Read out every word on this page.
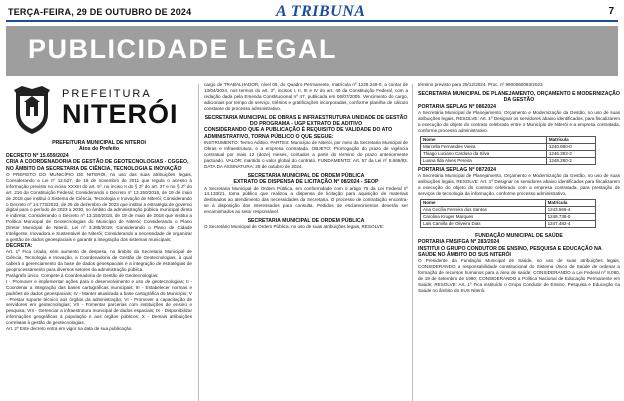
TERÇA-FEIRA, 29 DE OUTUBRO DE 2024	A TRIBUNA	7
PUBLICIDADE LEGAL
PREFEITURA
NITERÓI
PREFEITURA MUNICIPAL DE NITERÓI
Atos do Prefeito
DECRETO Nº 15.659/2024
CRIA A COORDENADORIA DE GESTÃO DE GEOTECNOLOGIAS - CGGEO, NO ÂMBITO DA SECRETARIA DE CIÊNCIA, TECNOLOGIA E INOVAÇÃO
O PREFEITO DO MUNICÍPIO DE NITERÓI, no uso das suas atribuições legais, Considerando a Lei nº 12.527, de 18 de novembro de 2011 que regula o acesso à informação previsto no inciso XXXIII do art. 5º, no inciso II do § 3º do art. 37 e no § 2º do art. 216 da Constituição Federal; Considerando o Decreto nº 13.150/2018, de 19 de maio de 2018 que institui o Sistema de Ciência, Tecnologia e Inovação de Niterói; Considerando o Decreto nº 14.773/2023, de 25 de dezembro de 2023 que institui a estratégia de governo digital para o período de 2023 a 2030, no âmbito da administração pública municipal direta e indireta; Considerando o Decreto nº 13.150/2018, de 19 de maio de 2018 que institui a Política Municipal de Geotecnologias do Município de Niterói; Considerando o Plano Diretor Municipal de Niterói, Lei nº 3.385/2019; Considerando o Plano de Cidade Inteligente, Inovadora e Sustentável de Niterói; Considerando a necessidade de organizar a gestão de dados geoespaciais e garantir a integração dos sistemas municipais;
DECRETA:
Art. 1º Fica criada, sem aumento de despesa, no âmbito da Secretaria Municipal de Ciência, Tecnologia e Inovação, a Coordenadoria de Gestão de Geotecnologias, à qual caberá o gerenciamento da base de dados geoespaciais e a integração de estratégias de geoprocessamento para diversos setores da administração pública.
Parágrafo único. Compete à Coordenadoria de Gestão de Geotecnologias:
I - Promover e implementar ações para o desenvolvimento e uso de geotecnologias; II - Coordenar a integração das bases cartográficas municipais; III - Estabelecer normas e padrões de dados geoespaciais; IV - Manter atualizada a base cartográfica do Município; V - Prestar suporte técnico aos órgãos da administração; VI - Promover a capacitação de servidores em geotecnologias; VII - Fomentar parcerias com instituições de ensino e pesquisa; VIII - Gerenciar a infraestrutura municipal de dados espaciais; IX - Disponibilizar informações geográficas à população e aos órgãos públicos; X - Demais atribuições correlatas à gestão de geotecnologias.
Art. 2º Este decreto entra em vigor na data de sua publicação.
cargo de TRABALHADOR, nível 05, do Quadro Permanente, matrícula nº 1228.249-0, a contar de 13/04/2024, nos termos do art. 3º, incisos I, II, III e IV do art. 40 da Constituição Federal, com a redação dada pela Emenda Constitucional nº 47, publicada em 06/07/2005. Vencimento do cargo, adicionais por tempo de serviço, triênios e gratificações incorporadas, conforme planilha de cálculo constante do processo administrativo.
SECRETARIA MUNICIPAL DE OBRAS E INFRAESTRUTURA UNIDADE DE GESTÃO DO PROGRAMA - UGP EXTRATO DE ADITIVO
CONSIDERANDO QUE A PUBLICAÇÃO É REQUISITO DE VALIDADE DO ATO ADMINISTRATIVO, TORNA PÚBLICO O QUE SEGUE:
INSTRUMENTO: Termo Aditivo. PARTES: Município de Niterói, por meio da Secretaria Municipal de Obras e Infraestrutura, e a empresa contratada. OBJETO: Prorrogação do prazo de vigência contratual por mais 12 (doze) meses, contados a partir do término do prazo anteriormente pactuado. VALOR: mantido o valor global do contrato. FUNDAMENTO: Art. 57 da Lei nº 8.666/93. DATA DA ASSINATURA: 28 de outubro de 2024.
SECRETARIA MUNICIPAL DE ORDEM PÚBLICA
EXTRATO DE DISPENSA DE LICITAÇÃO Nº 08/2024 - SEOP
A Secretaria Municipal de Ordem Pública, em conformidade com o artigo 75 da Lei Federal nº 14.133/21, torna público que realizou a dispensa de licitação para aquisição de materiais destinados ao atendimento das necessidades da Secretaria. O processo de contratação encontra-se à disposição dos interessados para consulta. Pedidos de esclarecimentos deverão ser encaminhados ao setor responsável.
SECRETARIA MUNICIPAL DE ORDEM PÚBLICA
O Secretário Municipal de Ordem Pública, no uso de suas atribuições legais, RESOLVE:
término previsto para 29/12/2024. Proc. nº 9900060083/2023
SECRETARIA MUNICIPAL DE PLANEJAMENTO, ORÇAMENTO E MODERNIZAÇÃO DA GESTÃO
PORTARIA SEPLAG Nº 0862024
A Secretária Municipal de Planejamento, Orçamento e Modernização da Gestão, no uso de suas atribuições legais, RESOLVE: Art. 1º Designar os servidores abaixo identificados, para fiscalizarem a execução do objeto do contrato celebrado entre o Município de Niterói e a empresa contratada, conforme processo administrativo.
Nome	Matrícula
Marcella Fernandes Vieira	1240.880-0
Thiago Luciano Cardoso da Silva	1246.393-3
Luana Ilda Alves Pereira	1248.280-2
PORTARIA SEPLAG Nº 0872024
A Secretária Municipal de Planejamento, Orçamento e Modernização da Gestão, no uso de suas atribuições legais, RESOLVE: Art. 1º Designar os servidores abaixo identificados para fiscalizarem a execução do objeto do contrato celebrado com a empresa contratada, para prestação de serviços de tecnologia da informação, conforme processo administrativo.
Nome	Matrícula
Ana Cecília Ferreira dos Santos	1243.566-4
Carolina Kruger Marques	1248.738-0
Lais Camilla de Oliveira Dias	1247.482-4
FUNDAÇÃO MUNICIPAL DE SAÚDE
PORTARIA FMS/FGA Nº 283/2024
INSTITUI O GRUPO CONDUTOR DE ENSINO, PESQUISA E EDUCAÇÃO NA SAÚDE NO ÂMBITO DO SUS NITERÓI
O Presidente da Fundação Municipal de Saúde, no uso de suas atribuições legais, CONSIDERANDO a responsabilidade constitucional do Sistema Único de Saúde de ordenar a formação de recursos humanos para a área de saúde; CONSIDERANDO a Lei Federal nº 8.080, de 19 de setembro de 1990; CONSIDERANDO a Política Nacional de Educação Permanente em Saúde; RESOLVE: Art. 1º Fica instituído o Grupo Condutor de Ensino, Pesquisa e Educação na Saúde no âmbito do SUS Niterói.
